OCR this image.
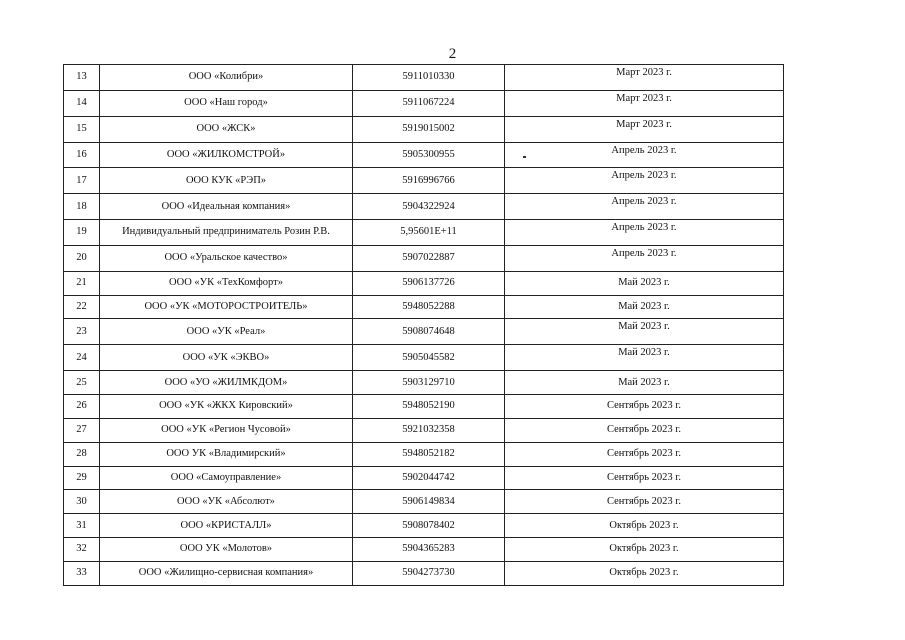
2
13	ООО «Колибри»	5911010330	Март 2023 г.
14	ООО «Наш город»	5911067224	Март 2023 г.
15	ООО «ЖСК»	5919015002	Март 2023 г.
16	ООО «ЖИЛКОМСТРОЙ»	5905300955	Апрель 2023 г.
17	ООО КУК «РЭП»	5916996766	Апрель 2023 г.
18	ООО «Идеальная компания»	5904322924	Апрель 2023 г.
19	Индивидуальный предприниматель Розин Р.В.	5,95601E+11	Апрель 2023 г.
20	ООО «Уральское качество»	5907022887	Апрель 2023 г.
21	ООО «УК «ТехКомфорт»	5906137726	Май 2023 г.
22	ООО «УК «МОТОРОСТРОИТЕЛЬ»	5948052288	Май 2023 г.
23	ООО «УК «Реал»	5908074648	Май 2023 г.
24	ООО «УК «ЭКВО»	5905045582	Май 2023 г.
25	ООО «УО «ЖИЛМКДОМ»	5903129710	Май 2023 г.
26	ООО «УК «ЖКХ Кировский»	5948052190	Сентябрь 2023 г.
27	ООО «УК «Регион Чусовой»	5921032358	Сентябрь 2023 г.
28	ООО УК «Владимирский»	5948052182	Сентябрь 2023 г.
29	ООО «Самоуправление»	5902044742	Сентябрь 2023 г.
30	ООО «УК «Абсолют»	5906149834	Сентябрь 2023 г.
31	ООО «КРИСТАЛЛ»	5908078402	Октябрь 2023 г.
32	ООО УК «Молотов»	5904365283	Октябрь 2023 г.
33	ООО «Жилищно-сервисная компания»	5904273730	Октябрь 2023 г.
